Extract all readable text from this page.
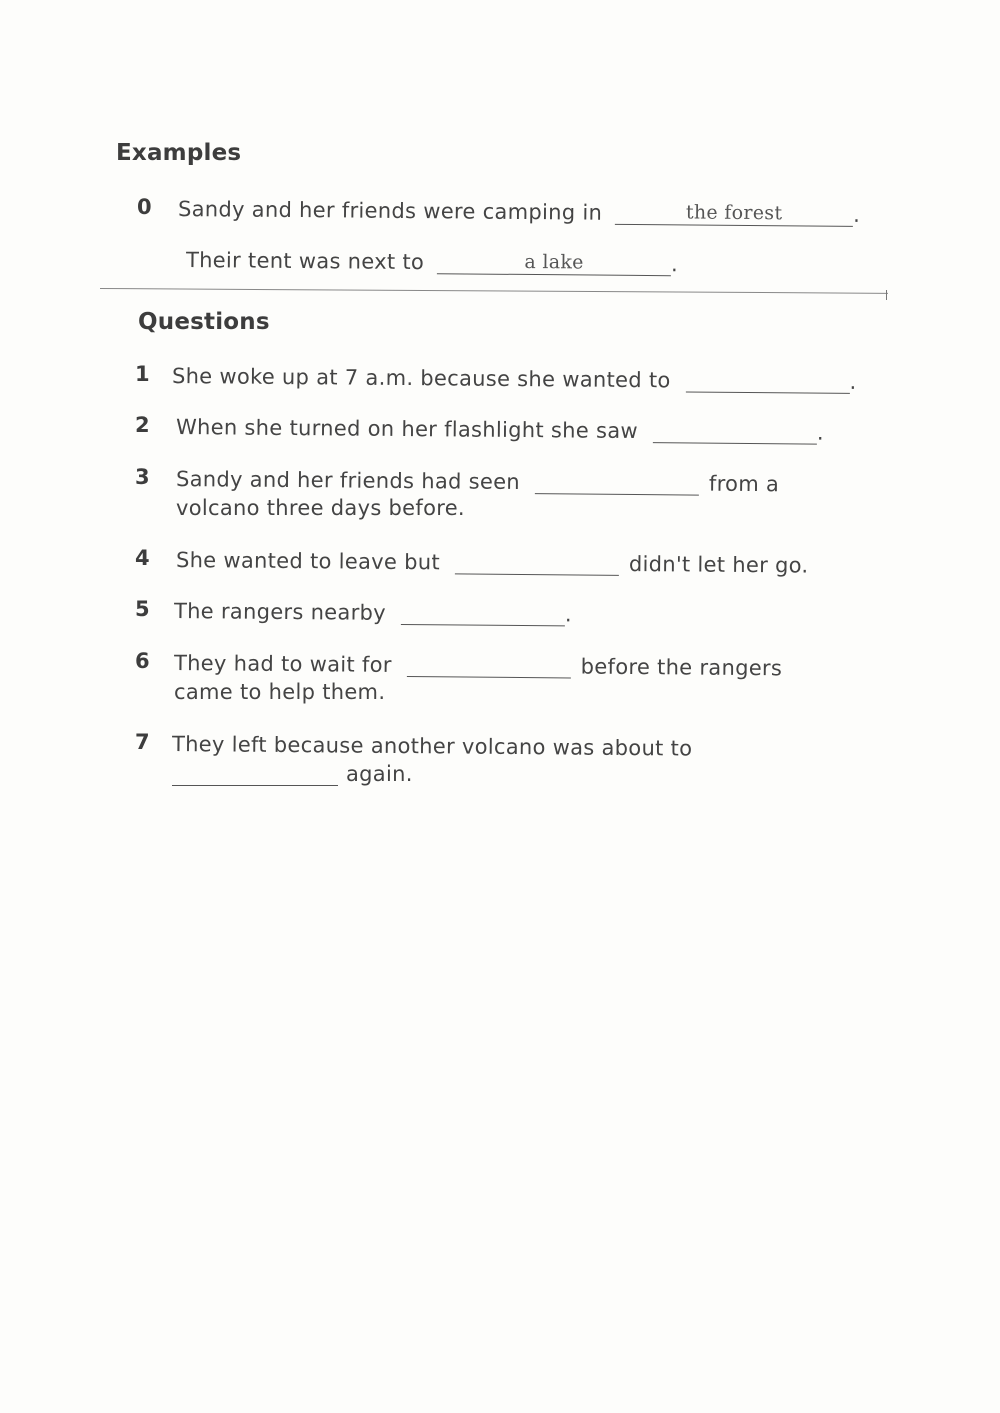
Examples
0 Sandy and her friends were camping in	the forest	.
Their tent was next to	a lake	.
Questions
1 She woke up at 7 a.m. because she wanted to	.
2 When she turned on her flashlight she saw	.
3 Sandy and her friends had seen	from a
volcano three days before.
4 She wanted to leave but	didn't let her go.
5 The rangers nearby	.
6 They had to wait for	before the rangers
came to help them.
7 They left because another volcano was about to
again.
